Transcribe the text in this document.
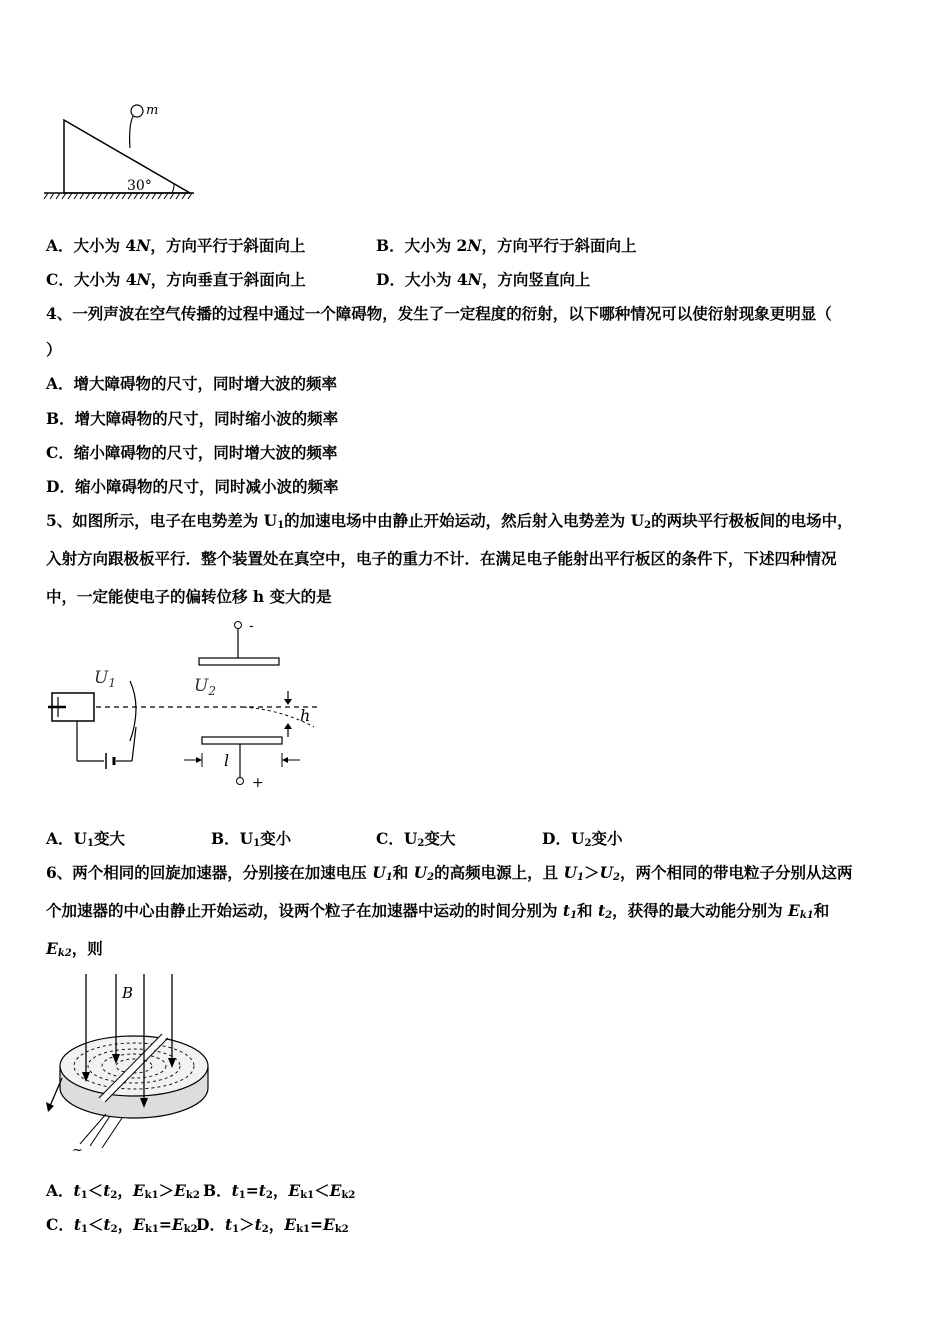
30°
m
A．大小为 4N，方向平行于斜面向上	B．大小为 2N，方向平行于斜面向上
C．大小为 4N，方向垂直于斜面向上	D．大小为 4N，方向竖直向上
4、一列声波在空气传播的过程中通过一个障碍物，发生了一定程度的衍射，以下哪种情况可以使衍射现象更明显（
）
A．增大障碍物的尺寸，同时增大波的频率
B．增大障碍物的尺寸，同时缩小波的频率
C．缩小障碍物的尺寸，同时增大波的频率
D．缩小障碍物的尺寸，同时减小波的频率
5、如图所示，电子在电势差为 $U_1$的加速电场中由静止开始运动，然后射入电势差为 $U_2$的两块平行极板间的电场中，
入射方向跟极板平行．整个装置处在真空中，电子的重力不计．在满足电子能射出平行板区的条件下，下述四种情况
中，一定能使电子的偏转位移 h 变大的是
$U_1$
-
$U_2$
+
h
l
A．$U_1$变大	B．$U_1$变小	C．$U_2$变大	D．$U_2$变小
6、两个相同的回旋加速器，分别接在加速电压 $U_1$和 $U_2$的高频电源上，且 $U_1>U_2$，两个相同的带电粒子分别从这两
个加速器的中心由静止开始运动，设两个粒子在加速器中运动的时间分别为 $t_1$和 $t_2$，获得的最大动能分别为 $E_{k1}$和
$E_{k2}$，则
B
~
A．$t_1<t_2$，$E_{k1}>E_{k2}$ B．$t_1=t_2$，$E_{k1}<E_{k2}$
C．$t_1<t_2$，$E_{k1}=E_{k2}$
D．$t_1>t_2$，$E_{k1}=E_{k2}$
